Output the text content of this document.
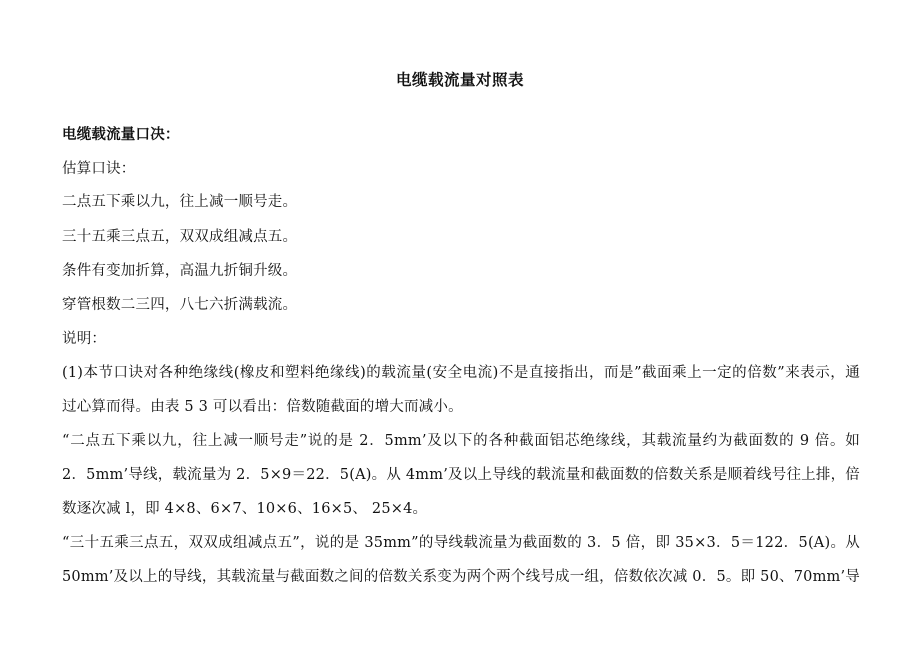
电缆载流量对照表
电缆载流量口决：
估算口诀：
二点五下乘以九，往上减一顺号走。
三十五乘三点五，双双成组减点五。
条件有变加折算，高温九折铜升级。
穿管根数二三四，八七六折满载流。
说明：
(1)本节口诀对各种绝缘线(橡皮和塑料绝缘线)的载流量(安全电流)不是直接指出，而是”截面乘上一定的倍数”来表示，通
过心算而得。由表 5 3 可以看出：倍数随截面的增大而减小。
“二点五下乘以九，往上减一顺号走”说的是 2．5mm’及以下的各种截面铝芯绝缘线，其载流量约为截面数的 9 倍。如
2．5mm’导线，载流量为 2．5×9＝22．5(A)。从 4mm’及以上导线的载流量和截面数的倍数关系是顺着线号往上排，倍
数逐次减 l，即 4×8、6×7、10×6、16×5、 25×4。
“三十五乘三点五，双双成组减点五”，说的是 35mm”的导线载流量为截面数的 3．5 倍，即 35×3．5＝122．5(A)。从
50mm’及以上的导线，其载流量与截面数之间的倍数关系变为两个两个线号成一组，倍数依次减 0．5。即 50、70mm’导
